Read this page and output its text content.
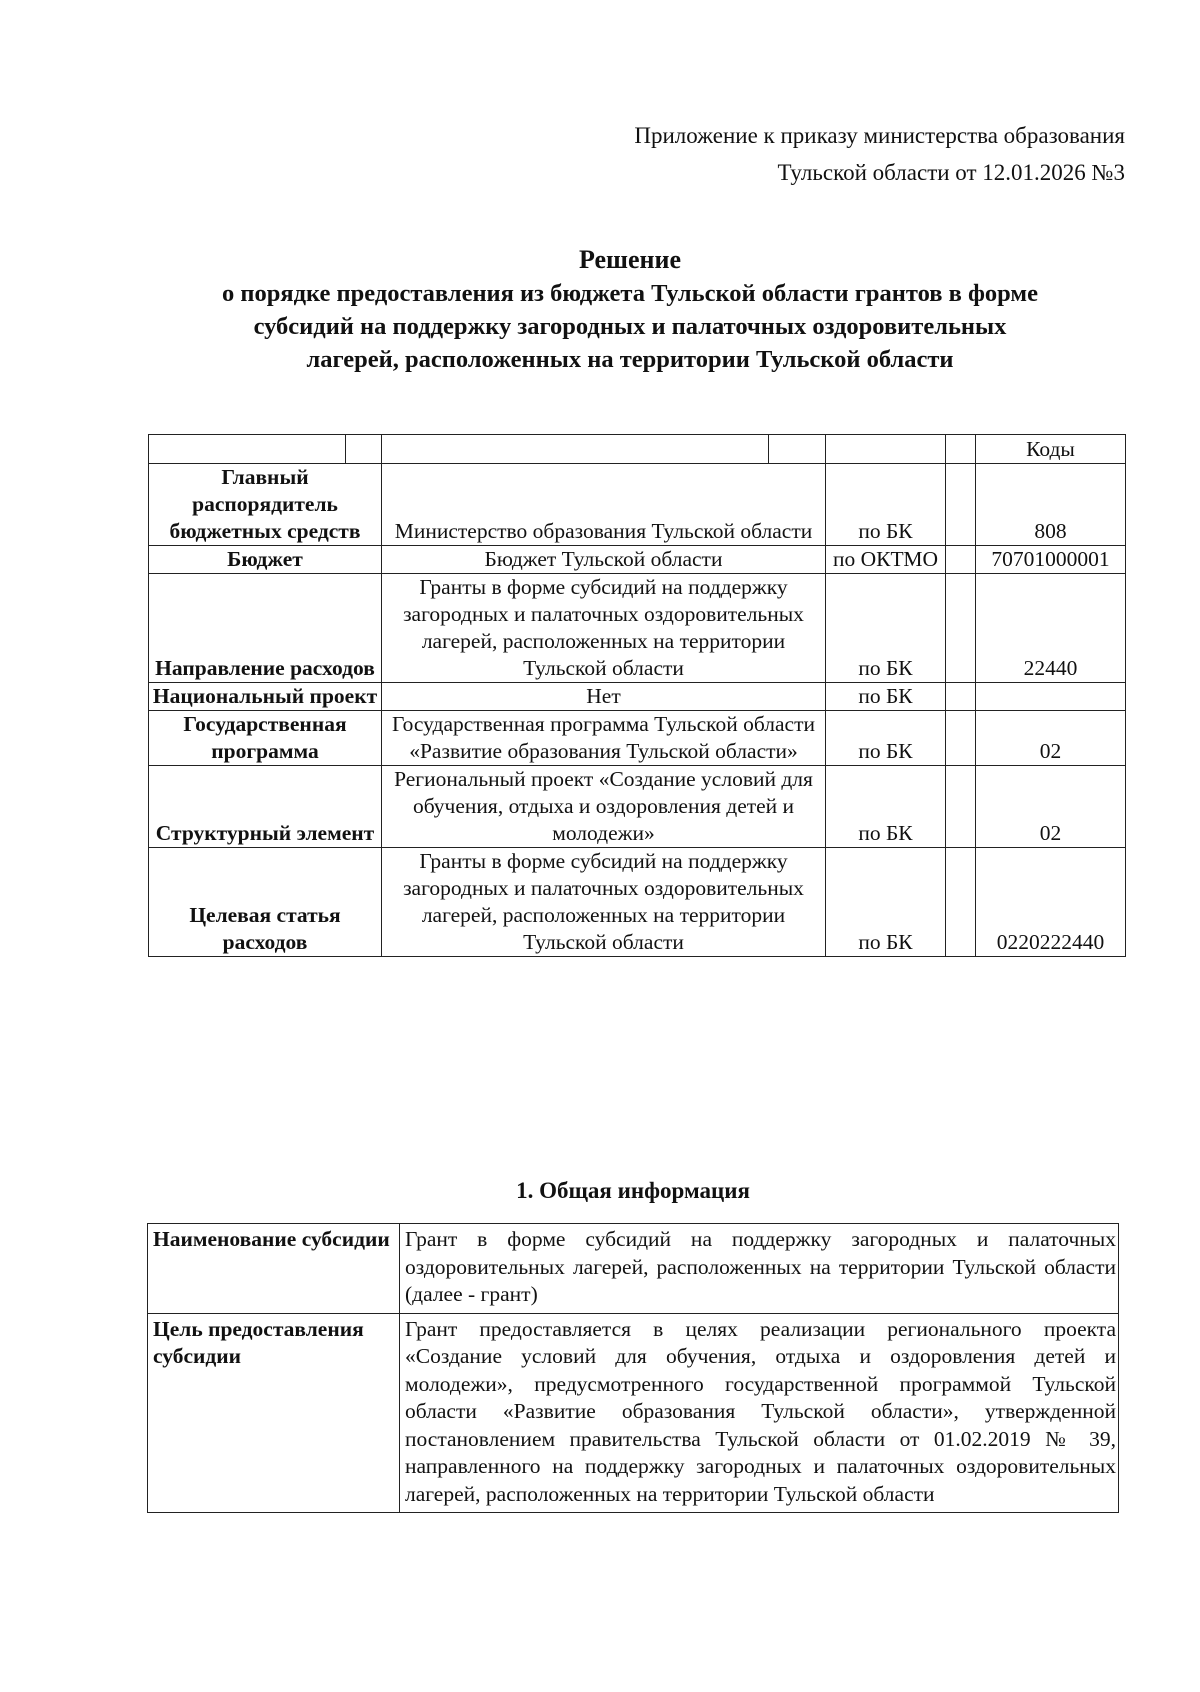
Приложение к приказу министерства образования
Тульской области от 12.01.2026 №3
Решение
о порядке предоставления из бюджета Тульской области грантов в форме
субсидий на поддержку загородных и палаточных оздоровительных
лагерей, расположенных на территории Тульской области
						Коды
Главный распорядитель бюджетных средств		Министерство образования Тульской области		по БК		808
Бюджет		Бюджет Тульской области		по ОКТМО		70701000001
Направление расходов		Гранты в форме субсидий на поддержку загородных и палаточных оздоровительных лагерей, расположенных на территории Тульской области		по БК		22440
Национальный проект		Нет		по БК		
Государственная программа		Государственная программа Тульской области «Развитие образования Тульской области»		по БК		02
Структурный элемент		Региональный проект «Создание условий для обучения, отдыха и оздоровления детей и молодежи»		по БК		02
Целевая статья расходов		Гранты в форме субсидий на поддержку загородных и палаточных оздоровительных лагерей, расположенных на территории Тульской области		по БК		0220222440
1. Общая информация
Наименование субсидии	Грант в форме субсидий на поддержку загородных и палаточных оздоровительных лагерей, расположенных на территории Тульской области (далее - грант)
Цель предоставления субсидии	Грант предоставляется в целях реализации регионального проекта «Создание условий для обучения, отдыха и оздоровления детей и молодежи», предусмотренного государственной программой Тульской области «Развитие образования Тульской области», утвержденной постановлением правительства Тульской области от 01.02.2019 № 39, направленного на поддержку загородных и палаточных оздоровительных лагерей, расположенных на территории Тульской области
